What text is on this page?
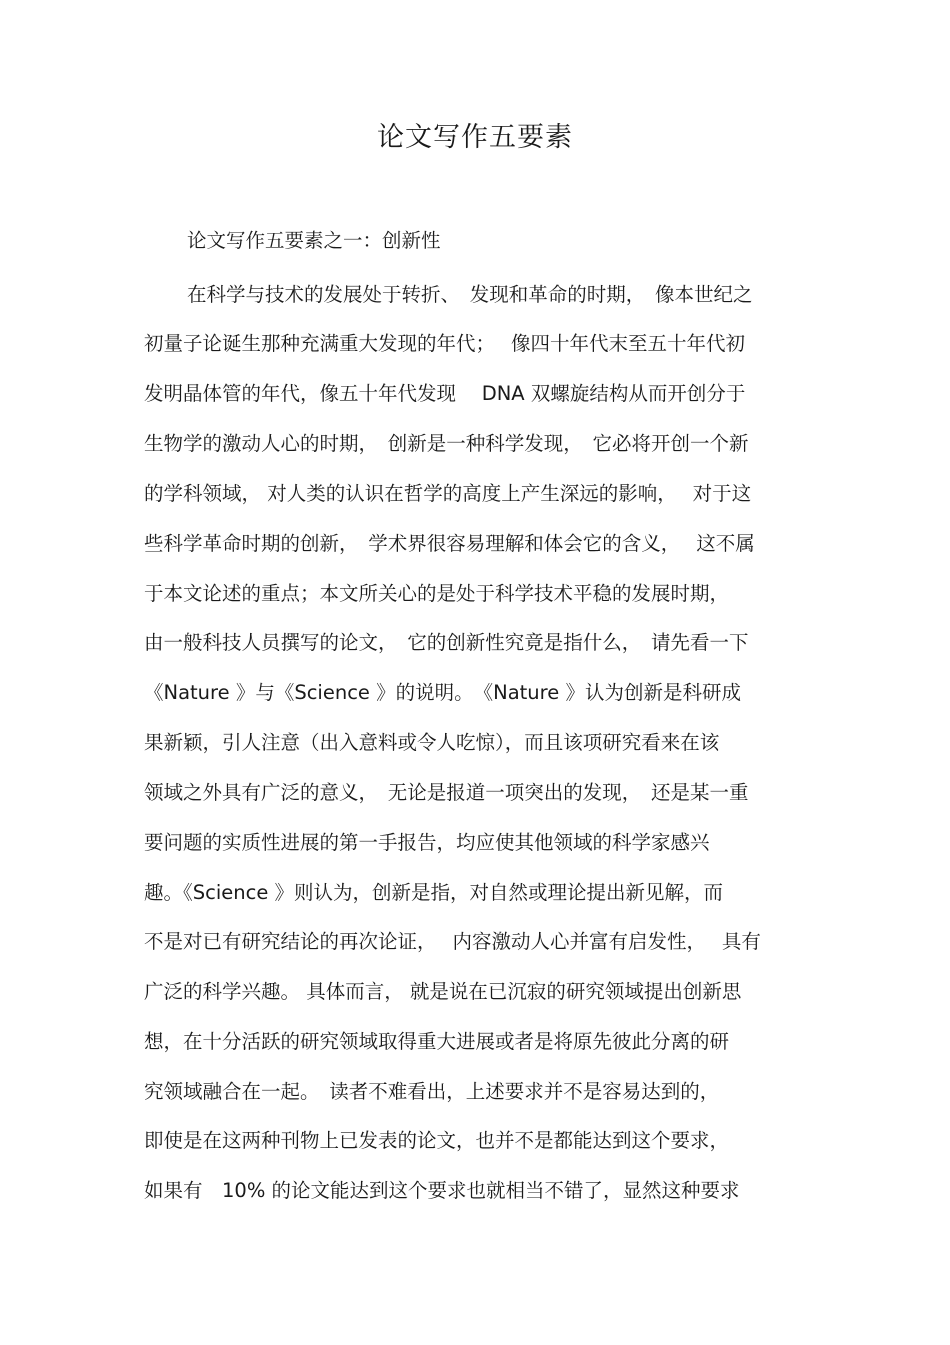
论文写作五要素

论文写作五要素之一：创新性

在科学与技术的发展处于转折、　发现和革命的时期，　像本世纪之

初量子论诞生那种充满重大发现的年代；　 像四十年代末至五十年代初

发明晶体管的年代，像五十年代发现　 DNA 双螺旋结构从而开创分于

生物学的激动人心的时期，　创新是一种科学发现，　它必将开创一个新

的学科领域， 对人类的认识在哲学的高度上产生深远的影响，　 对于这

些科学革命时期的创新，　学术界很容易理解和体会它的含义，　 这不属

于本文论述的重点；本文所关心的是处于科学技术平稳的发展时期，

由一般科技人员撰写的论文，　它的创新性究竟是指什么，　请先看一下

《Nature 》与《Science 》的说明。　《Nature 》认为创新是科研成

果新颖，引人注意（出入意料或令人吃惊），而且该项研究看来在该

领域之外具有广泛的意义，　无论是报道一项突出的发现，　还是某一重

要问题的实质性进展的第一手报告，均应使其他领域的科学家感兴

趣。《Science 》则认为，创新是指，对自然或理论提出新见解，而

不是对已有研究结论的再次论证，　 内容激动人心并富有启发性，　 具有

广泛的科学兴趣。 具体而言， 就是说在已沉寂的研究领域提出创新思

想，在十分活跃的研究领域取得重大进展或者是将原先彼此分离的研

究领域融合在一起。　读者不难看出，上述要求并不是容易达到的，

即使是在这两种刊物上已发表的论文，也并不是都能达到这个要求，

如果有　10% 的论文能达到这个要求也就相当不错了，显然这种要求
